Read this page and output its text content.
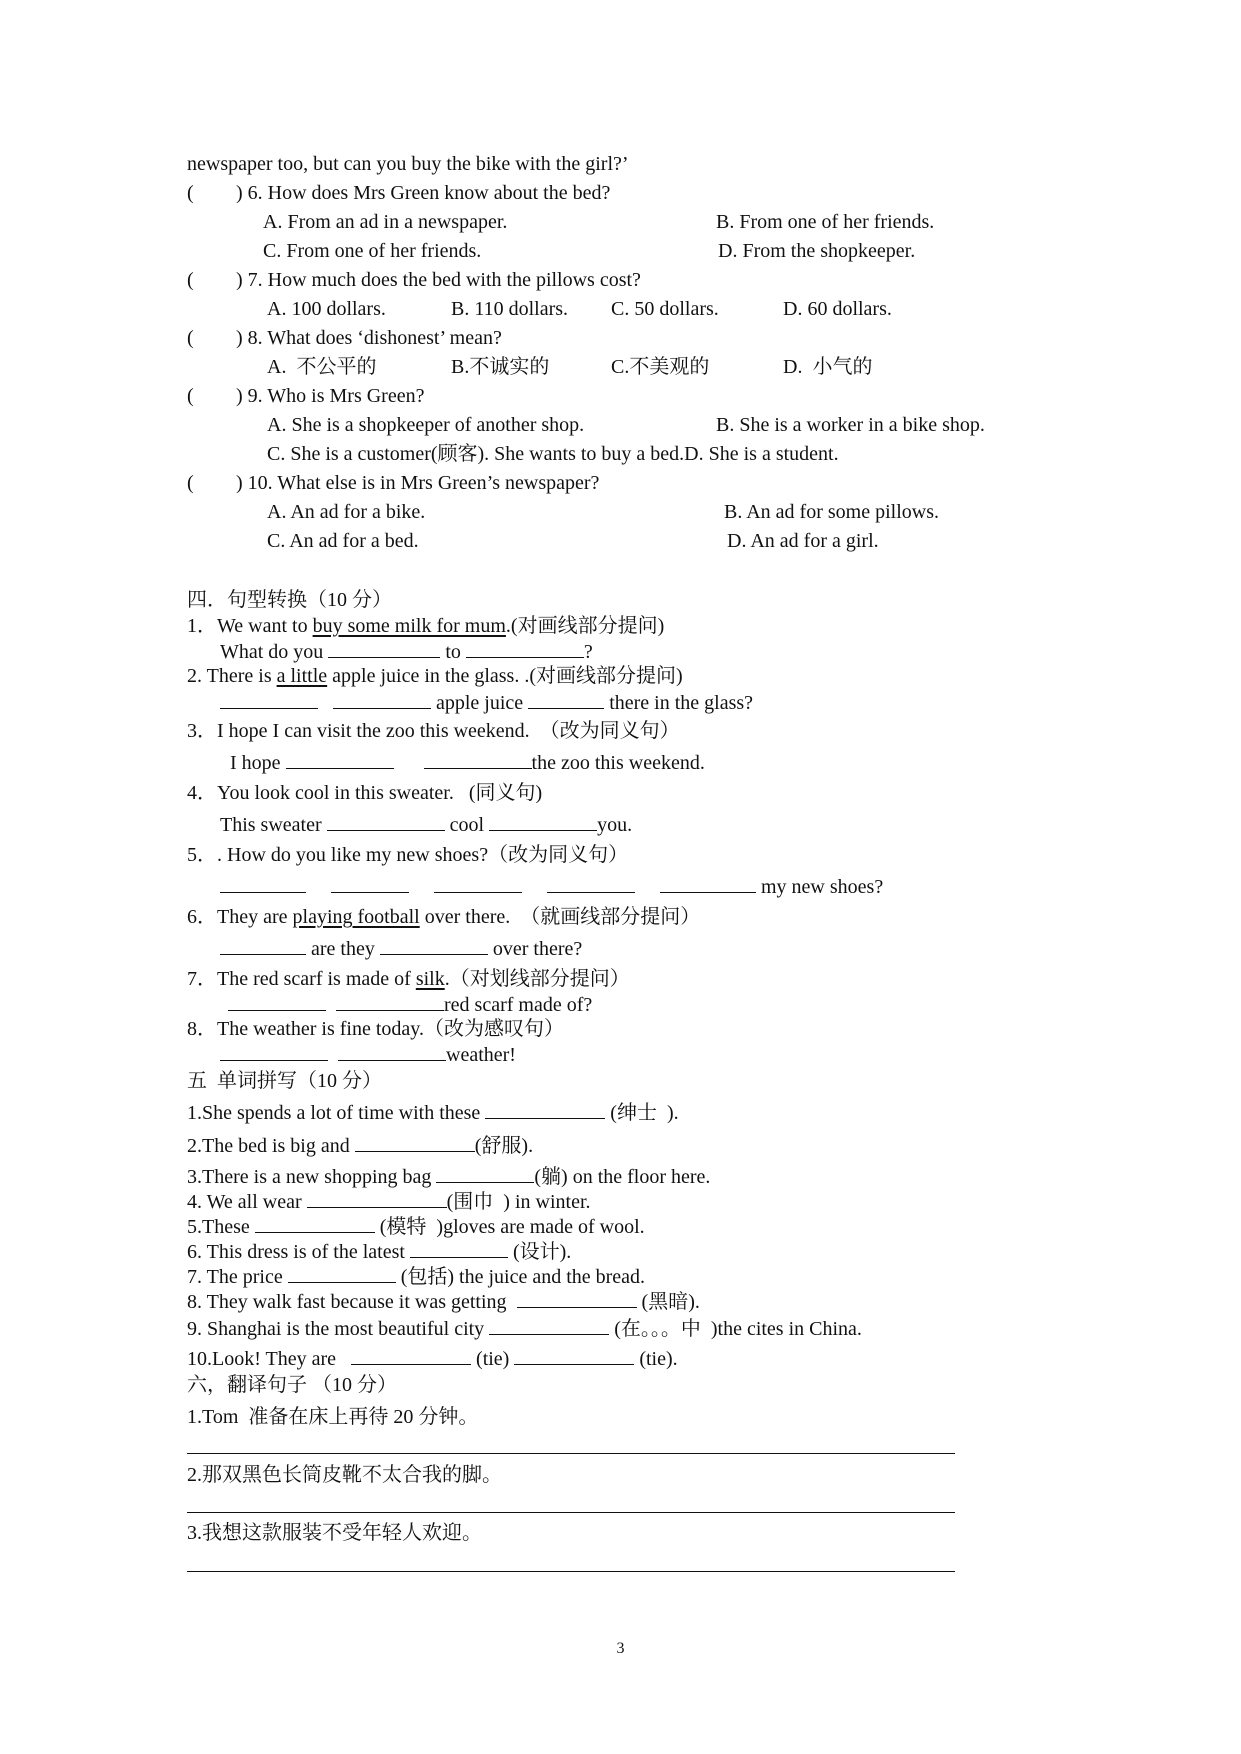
newspaper too, but can you buy the bike with the girl?’
( ) 6. How does Mrs Green know about the bed?
A. From an ad in a newspaper.	B. From one of her friends.
C. From one of her friends.	D. From the shopkeeper.
( ) 7. How much does the bed with the pillows cost?
A. 100 dollars.	B. 110 dollars. C. 50 dollars.	D. 60 dollars.
( ) 8. What does ‘dishonest’ mean?
A.  不公平的	B.不诚实的	C.不美观的	D.  小气的
( ) 9. Who is Mrs Green?
A. She is a shopkeeper of another shop.	B. She is a worker in a bike shop.
C. She is a customer(顾客). She wants to buy a bed.D. She is a student.
( ) 10. What else is in Mrs Green’s newspaper?
A. An ad for a bike.	B. An ad for some pillows.
C. An ad for a bed.	D. An ad for a girl.
四．句型转换（10 分）
1．We want to buy some milk for mum.(对画线部分提问)
What do you	to	?
2. There is a little apple juice in the glass. .(对画线部分提问)
apple juice	there in the glass?
3．I hope I can visit the zoo this weekend.  （改为同义句）
I hope	the zoo this weekend.
4．You look cool in this sweater.   (同义句)
This sweater	cool	you.
5．. How do you like my new shoes?（改为同义句）
my new shoes?
6．They are playing football over there.  （就画线部分提问）
are they	over there?
7．The red scarf is made of silk.（对划线部分提问）
red scarf made of?
8．The weather is fine today.（改为感叹句）
weather!
五  单词拼写（10 分）
1.She spends a lot of time with these	(绅士  ).
2.The bed is big and	(舒服).
3.There is a new shopping bag	(躺) on the floor here.
4. We all wear	(围巾  ) in winter.
5.These	(模特  )gloves are made of wool.
6. This dress is of the latest	(设计).
7. The price	(包括) the juice and the bread.
8. They walk fast because it was getting	(黑暗).
9. Shanghai is the most beautiful city	(在。。。中  )the cites in China.
10.Look! They are	(tie)	(tie).
六，翻译句子 （10 分）
1.Tom  准备在床上再待 20 分钟。
2.那双黑色长筒皮靴不太合我的脚。
3.我想这款服装不受年轻人欢迎。
3
